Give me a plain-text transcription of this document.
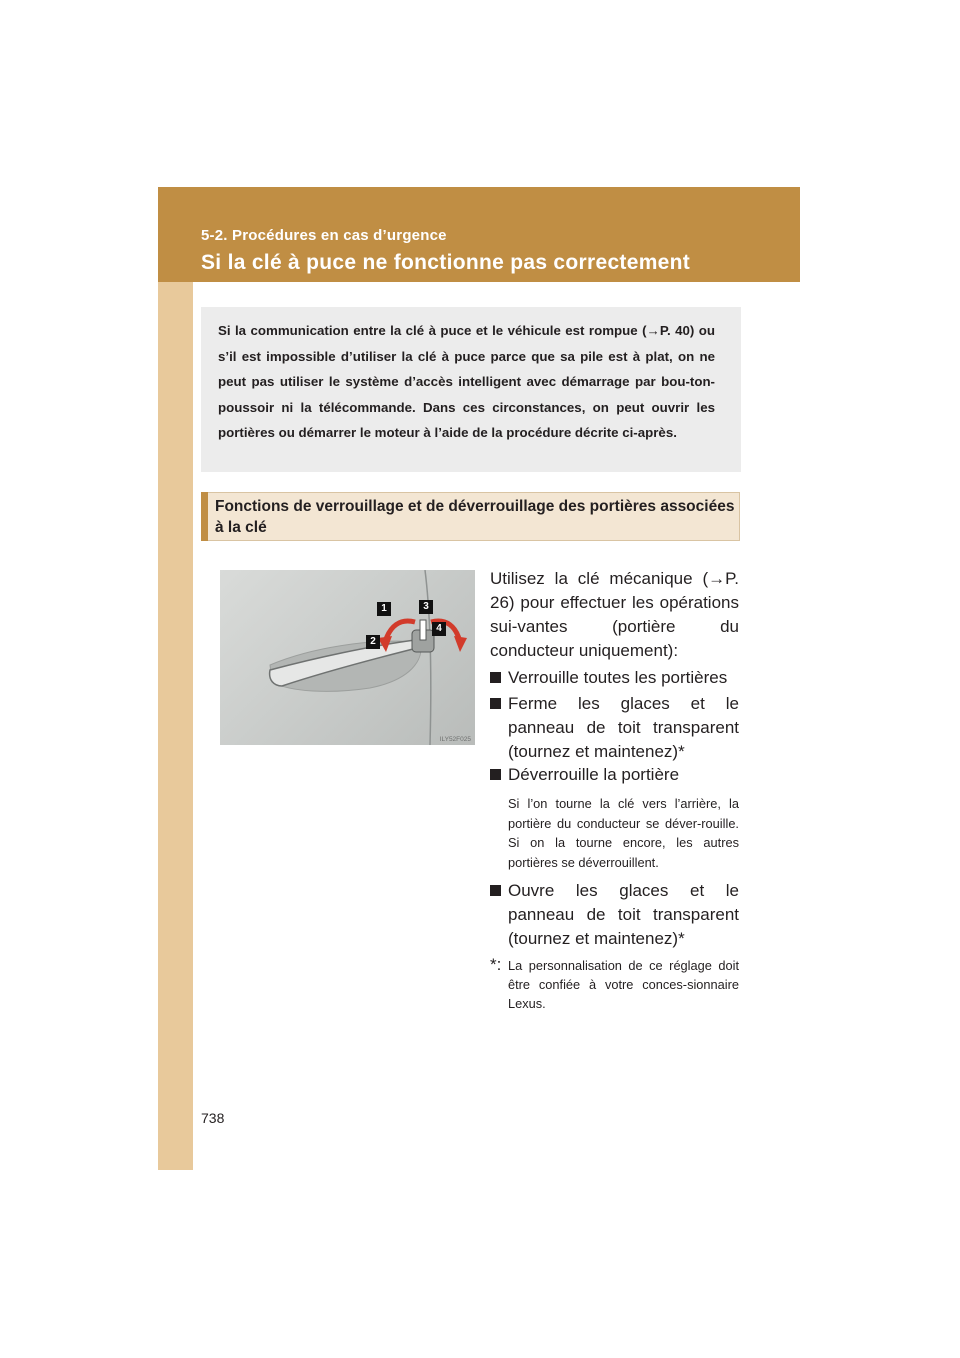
5-2. Procédures en cas d’urgence
Si la clé à puce ne fonctionne pas correctement
Si la communication entre la clé à puce et le véhicule est rompue (→P. 40) ou s’il est impossible d’utiliser la clé à puce parce que sa pile est à plat, on ne peut pas utiliser le système d’accès intelligent avec démarrage par bou-ton-poussoir ni la télécommande. Dans ces circonstances, on peut ouvrir les portières ou démarrer le moteur à l’aide de la procédure décrite ci-après.
Fonctions de verrouillage et de déverrouillage des portières associées à la clé
1
2
3
4
ILY52F025
Utilisez la clé mécanique (→P. 26) pour effectuer les opérations sui-vantes (portière du conducteur uniquement):
Verrouille toutes les portières
Ferme les glaces et le panneau de toit transparent (tournez et maintenez)*
Déverrouille la portière
Si l’on tourne la clé vers l’arrière, la portière du conducteur se déver-rouille. Si on la tourne encore, les autres portières se déverrouillent.
Ouvre les glaces et le panneau de toit transparent (tournez et maintenez)*
*: La personnalisation de ce réglage doit être confiée à votre conces-sionnaire Lexus.
738
